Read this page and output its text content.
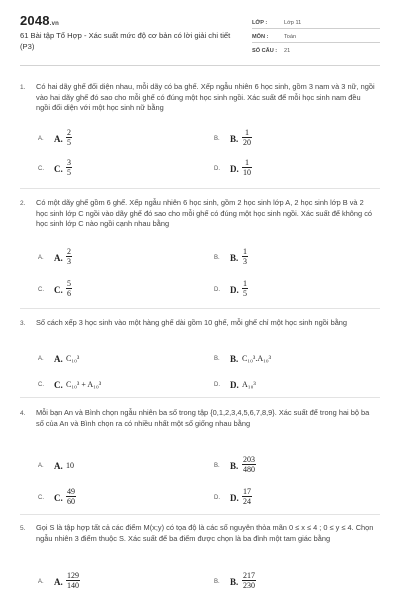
2048.vn
61 Bài tập Tổ Hợp - Xác suất mức độ cơ bản có lời giải chi tiết (P3)
LỚP :	Lớp 11
MÔN :	Toán
SỐ CÂU : 21
1. Có hai dãy ghế đối diện nhau, mỗi dãy có ba ghế. Xếp ngẫu nhiên 6 học sinh, gồm 3 nam và 3 nữ, ngồi vào hai dãy ghế đó sao cho mỗi ghế có đúng một học sinh ngồi. Xác suất để mỗi học sinh nam đều ngồi đối diện với một học sinh nữ bằng
A. A. $\frac{2}{5}$	B. B. $\frac{1}{20}$
C. C. $\frac{3}{5}$	D. D. $\frac{1}{10}$
2. Có một dãy ghế gồm 6 ghế. Xếp ngẫu nhiên 6 học sinh, gồm 2 học sinh lớp A, 2 học sinh lớp B và 2 học sinh lớp C ngồi vào dãy ghế đó sao cho mỗi ghế có đúng một học sinh ngồi. Xác suất để không có học sinh lớp C nào ngồi cạnh nhau bằng
A. A. $\frac{2}{3}$	B. B. $\frac{1}{3}$
C. C. $\frac{5}{6}$	D. D. $\frac{1}{5}$
3. Số cách xếp 3 học sinh vào một hàng ghế dài gồm 10 ghế, mỗi ghế chỉ một học sinh ngồi bằng
A. A. C₁₀³	B. B. C₁₀³.A₁₀³
C. C. C₁₀³ + A₁₀³	D. D. A₁₀³
4. Mỗi bạn An và Bình chọn ngẫu nhiên ba số trong tập {0,1,2,3,4,5,6,7,8,9}. Xác suất để trong hai bộ ba số của An và Bình chọn ra có nhiều nhất một số giống nhau bằng
A. A. 10	B. B. $\frac{203}{480}$
C. C. $\frac{49}{60}$	D. D. $\frac{17}{24}$
5. Gọi S là tập hợp tất cả các điểm M(x;y) có tọa độ là các số nguyên thỏa mãn 0 ≤ x ≤ 4 ; 0 ≤ y ≤ 4. Chọn ngẫu nhiên 3 điểm thuộc S. Xác suất để ba điểm được chọn là ba đỉnh một tam giác bằng
A. A. $\frac{129}{140}$	B. B. $\frac{217}{230}$
